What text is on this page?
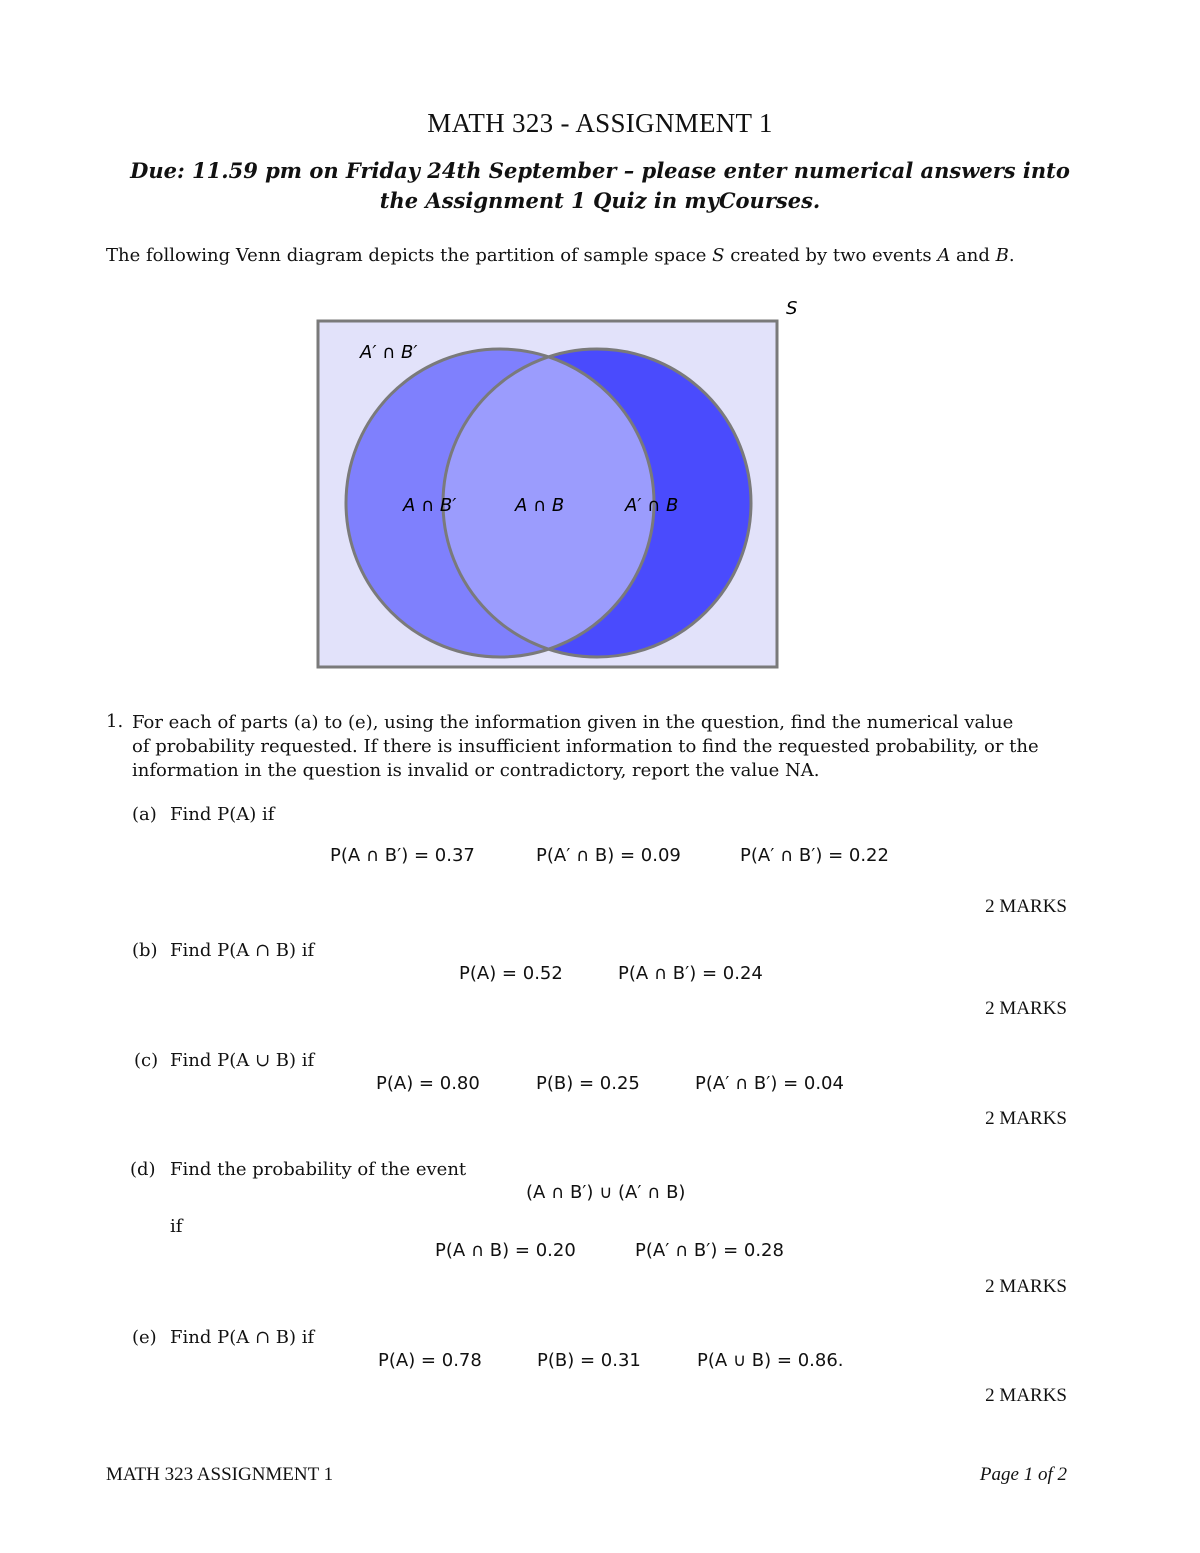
MATH 323 - ASSIGNMENT 1
Due: 11.59 pm on Friday 24th September – please enter numerical answers into
the Assignment 1 Quiz in myCourses.
The following Venn diagram depicts the partition of sample space S created by two events A and B.
S
A′ ∩ B′
A ∩ B′	A ∩ B	A′ ∩ B
1. For each of parts (a) to (e), using the information given in the question, find the numerical value
of probability requested. If there is insufficient information to find the requested probability, or the
information in the question is invalid or contradictory, report the value NA.
(a) Find P(A) if
P(A ∩ B′) = 0.37	P(A′ ∩ B) = 0.09	P(A′ ∩ B′) = 0.22
2 MARKS
(b) Find P(A ∩ B) if
P(A) = 0.52	P(A ∩ B′) = 0.24
2 MARKS
(c) Find P(A ∪ B) if
P(A) = 0.80	P(B) = 0.25	P(A′ ∩ B′) = 0.04
2 MARKS
(d) Find the probability of the event
(A ∩ B′) ∪ (A′ ∩ B)
if
P(A ∩ B) = 0.20	P(A′ ∩ B′) = 0.28
2 MARKS
(e) Find P(A ∩ B) if
P(A) = 0.78	P(B) = 0.31	P(A ∪ B) = 0.86.
2 MARKS
MATH 323 ASSIGNMENT 1	Page 1 of 2
